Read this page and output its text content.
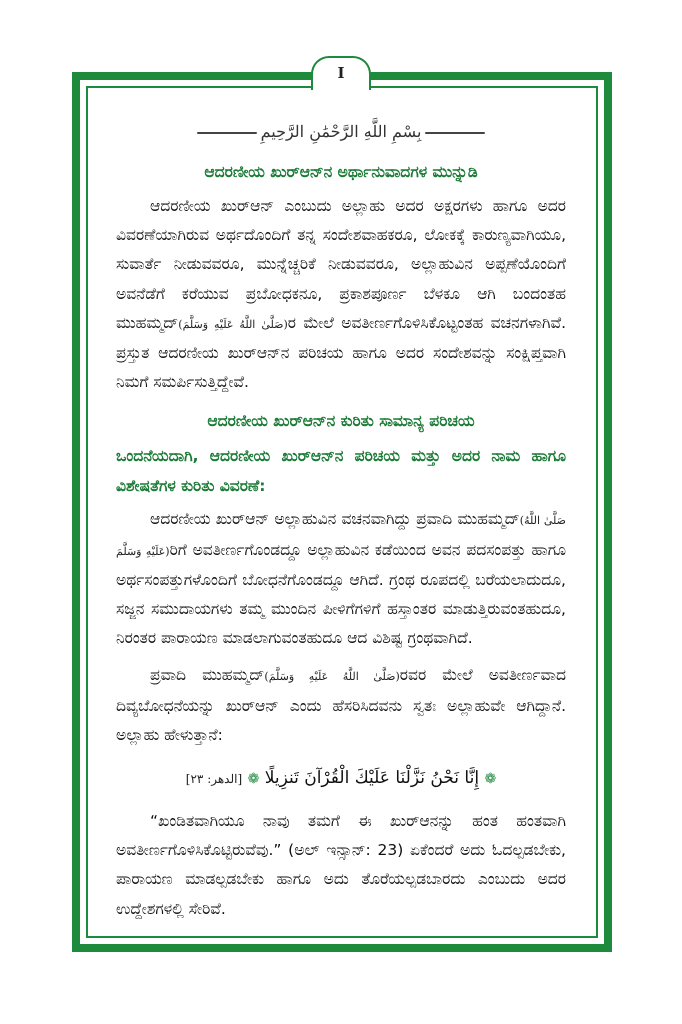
I
بِسْمِ اللَّهِ الرَّحْمَٰنِ الرَّحِيمِ
ಆದರಣೀಯ ಖುರ್‌ಆನ್‌ನ ಅರ್ಥಾನುವಾದಗಳ ಮುನ್ನುಡಿ

ಆದರಣೀಯ ಖುರ್‌ಆನ್ ಎಂಬುದು ಅಲ್ಲಾಹು ಅದರ ಅಕ್ಷರಗಳು ಹಾಗೂ ಅದರ ವಿವರಣೆಯಾಗಿರುವ ಅರ್ಥದೊಂದಿಗೆ ತನ್ನ ಸಂದೇಶವಾಹಕರೂ, ಲೋಕಕ್ಕೆ ಕಾರುಣ್ಯವಾಗಿಯೂ, ಸುವಾರ್ತೆ ನೀಡುವವರೂ, ಮುನ್ನೆಚ್ಚರಿಕೆ ನೀಡುವವರೂ, ಅಲ್ಲಾಹುವಿನ ಅಪ್ಪಣೆಯೊಂದಿಗೆ ಅವನೆಡೆಗೆ ಕರೆಯುವ ಪ್ರಬೋಧಕನೂ, ಪ್ರಕಾಶಪೂರ್ಣ ಬೆಳಕೂ ಆಗಿ ಬಂದಂತಹ ಮುಹಮ್ಮದ್(صَلَّىٰ اللَّهُ عَلَيْهِ وَسَلَّمَ)ರ ಮೇಲೆ ಅವತೀರ್ಣಗೊಳಿಸಿಕೊಟ್ಟಂತಹ ವಚನಗಳಾಗಿವೆ. ಪ್ರಸ್ತುತ ಆದರಣೀಯ ಖುರ್‌ಆನ್‌ನ ಪರಿಚಯ ಹಾಗೂ ಅದರ ಸಂದೇಶವನ್ನು ಸಂಕ್ಷಿಪ್ತವಾಗಿ ನಿಮಗೆ ಸಮರ್ಪಿಸುತ್ತಿದ್ದೇವೆ.

ಆದರಣೀಯ ಖುರ್‌ಆನ್‌ನ ಕುರಿತು ಸಾಮಾನ್ಯ ಪರಿಚಯ
ಒಂದನೆಯದಾಗಿ, ಆದರಣೀಯ ಖುರ್‌ಆನ್‌ನ ಪರಿಚಯ ಮತ್ತು ಅದರ ನಾಮ ಹಾಗೂ ವಿಶೇಷತೆಗಳ ಕುರಿತು ವಿವರಣೆ:

ಆದರಣೀಯ ಖುರ್‌ಆನ್ ಅಲ್ಲಾಹುವಿನ ವಚನವಾಗಿದ್ದು ಪ್ರವಾದಿ ಮುಹಮ್ಮದ್(صَلَّىٰ اللَّهُ عَلَيْهِ وَسَلَّمَ)ರಿಗೆ ಅವತೀರ್ಣಗೊಂಡದ್ದೂ ಅಲ್ಲಾಹುವಿನ ಕಡೆಯಿಂದ ಅವನ ಪದಸಂಪತ್ತು ಹಾಗೂ ಅರ್ಥಸಂಪತ್ತುಗಳೊಂದಿಗೆ ಬೋಧನೆಗೊಂಡದ್ದೂ ಆಗಿದೆ. ಗ್ರಂಥ ರೂಪದಲ್ಲಿ ಬರೆಯಲಾದುದೂ, ಸಜ್ಜನ ಸಮುದಾಯಗಳು ತಮ್ಮ ಮುಂದಿನ ಪೀಳಿಗೆಗಳಿಗೆ ಹಸ್ತಾಂತರ ಮಾಡುತ್ತಿರುವಂತಹುದೂ, ನಿರಂತರ ಪಾರಾಯಣ ಮಾಡಲಾಗುವಂತಹುದೂ ಆದ ವಿಶಿಷ್ಟ ಗ್ರಂಥವಾಗಿದೆ.

ಪ್ರವಾದಿ ಮುಹಮ್ಮದ್(صَلَّىٰ اللَّهُ عَلَيْهِ وَسَلَّمَ)ರವರ ಮೇಲೆ ಅವತೀರ್ಣವಾದ ದಿವ್ಯಬೋಧನೆಯನ್ನು ಖುರ್‌ಆನ್ ಎಂದು ಹೆಸರಿಸಿದವನು ಸ್ವತಃ ಅಲ್ಲಾಹುವೇ ಆಗಿದ್ದಾನೆ. ಅಲ್ಲಾಹು ಹೇಳುತ್ತಾನೆ:

❁ إِنَّا نَحْنُ نَزَّلْنَا عَلَيْكَ الْقُرْآنَ تَنزِيلًا ❁ [الدهر: ٢٣]

“ಖಂಡಿತವಾಗಿಯೂ ನಾವು ತಮಗೆ ಈ ಖುರ್‌ಆನನ್ನು ಹಂತ ಹಂತವಾಗಿ ಅವತೀರ್ಣಗೊಳಿಸಿಕೊಟ್ಟಿರುವೆವು.” (ಅಲ್ ಇನ್ಸಾನ್: 23) ಏಕೆಂದರೆ ಅದು ಓದಲ್ಪಡಬೇಕು, ಪಾರಾಯಣ ಮಾಡಲ್ಪಡಬೇಕು ಹಾಗೂ ಅದು ತೊರೆಯಲ್ಪಡಬಾರದು ಎಂಬುದು ಅದರ ಉದ್ದೇಶಗಳಲ್ಲಿ ಸೇರಿವೆ.
